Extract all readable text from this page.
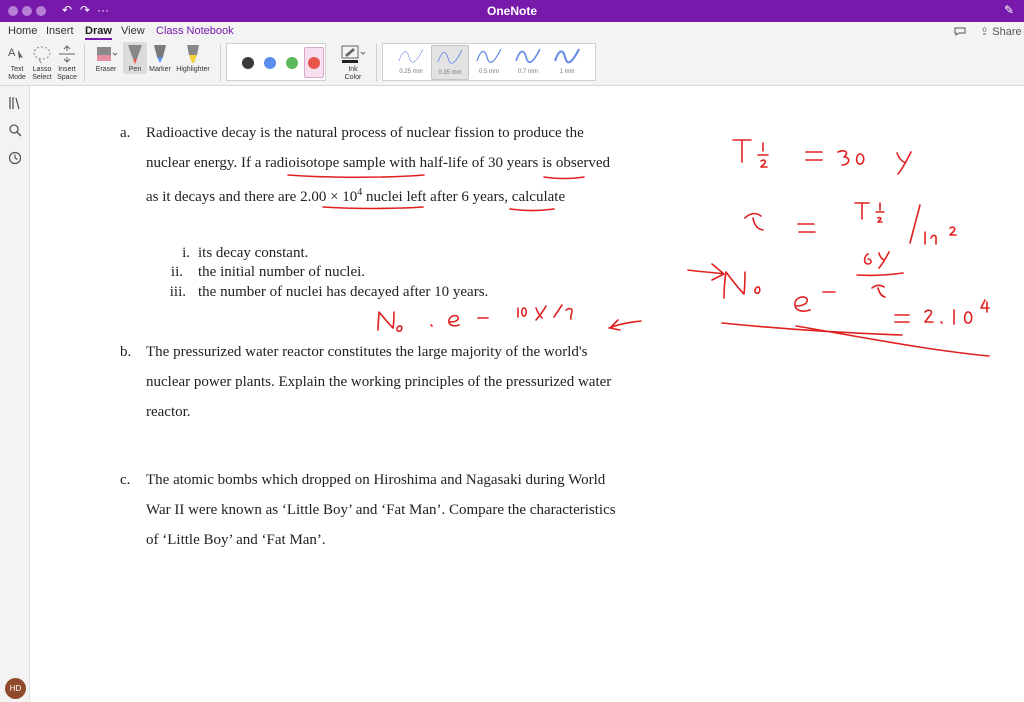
↶ ↷ ···	OneNote	✎
Home Insert Draw View Class Notebook	⇪ Share
A
Text
Mode
Lasso
Select
Insert
Space
Eraser	Pen	Marker Highlighter	Ink
Color
0.25 mm	0.35 mm	0.5 mm	0.7 mm	1 mm
HD
a. Radioactive decay is the natural process of nuclear fission to produce the
nuclear energy. If a radioisotope sample with half-life of 30 years is observed
as it decays and there are $2.00 \times 10^4$ nuclei left after 6 years, calculate
i. its decay constant.
ii. the initial number of nuclei.
iii. the number of nuclei has decayed after 10 years.
b. The pressurized water reactor constitutes the large majority of the world's
nuclear power plants. Explain the working principles of the pressurized water
reactor.
c. The atomic bombs which dropped on Hiroshima and Nagasaki during World
War II were known as ‘Little Boy’ and ‘Fat Man’. Compare the characteristics
of ‘Little Boy’ and ‘Fat Man’.
